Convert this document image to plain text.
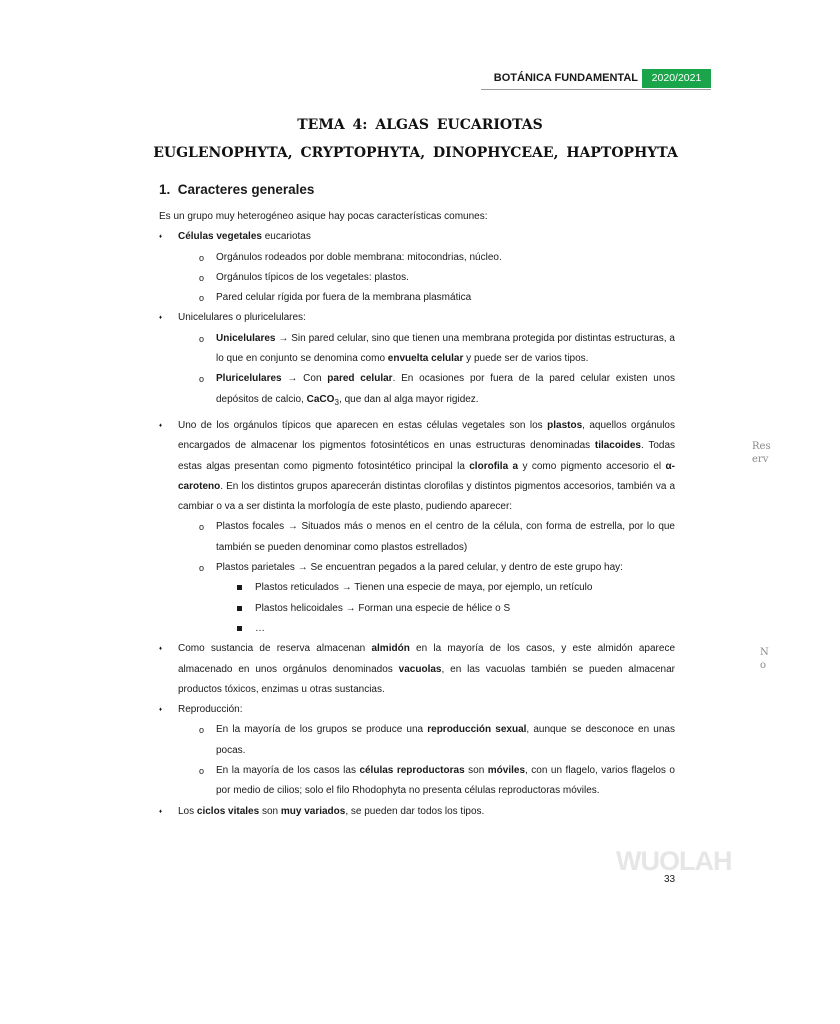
BOTÁNICA FUNDAMENTAL	2020/2021
TEMA 4: ALGAS EUCARIOTAS
EUGLENOPHYTA, CRYPTOPHYTA, DINOPHYCEAE, HAPTOPHYTA
1. Caracteres generales

Es un grupo muy heterogéneo asique hay pocas características comunes:

♦ Células vegetales eucariotas

o Orgánulos rodeados por doble membrana: mitocondrias, núcleo.

o Orgánulos típicos de los vegetales: plastos.

o Pared celular rígida por fuera de la membrana plasmática

♦ Unicelulares o pluricelulares:

o Unicelulares → Sin pared celular, sino que tienen una membrana protegida por distintas estructuras, a lo que en conjunto se denomina como envuelta celular y puede ser de varios tipos.

o Pluricelulares → Con pared celular. En ocasiones por fuera de la pared celular existen unos depósitos de calcio, CaCO$_3$, que dan al alga mayor rigidez.

♦ Uno de los orgánulos típicos que aparecen en estas células vegetales son los plastos, aquellos orgánulos encargados de almacenar los pigmentos fotosintéticos en unas estructuras denominadas tilacoides. Todas estas algas presentan como pigmento fotosintético principal la clorofila a y como pigmento accesorio el α-caroteno. En los distintos grupos aparecerán distintas clorofilas y distintos pigmentos accesorios, también va a cambiar o va a ser distinta la morfología de este plasto, pudiendo aparecer:

o Plastos focales → Situados más o menos en el centro de la célula, con forma de estrella, por lo que también se pueden denominar como plastos estrellados)

o Plastos parietales → Se encuentran pegados a la pared celular, y dentro de este grupo hay:

Plastos reticulados → Tienen una especie de maya, por ejemplo, un retículo

Plastos helicoidales → Forman una especie de hélice o S

…

♦ Como sustancia de reserva almacenan almidón en la mayoría de los casos, y este almidón aparece almacenado en unos orgánulos denominados vacuolas, en las vacuolas también se pueden almacenar productos tóxicos, enzimas u otras sustancias.

♦ Reproducción:

o En la mayoría de los grupos se produce una reproducción sexual, aunque se desconoce en unas pocas.

o En la mayoría de los casos las células reproductoras son móviles, con un flagelo, varios flagelos o por medio de cilios; solo el filo Rhodophyta no presenta células reproductoras móviles.

♦ Los ciclos vitales son muy variados, se pueden dar todos los tipos.

Res
erv
N
o
WUOLAH
33
